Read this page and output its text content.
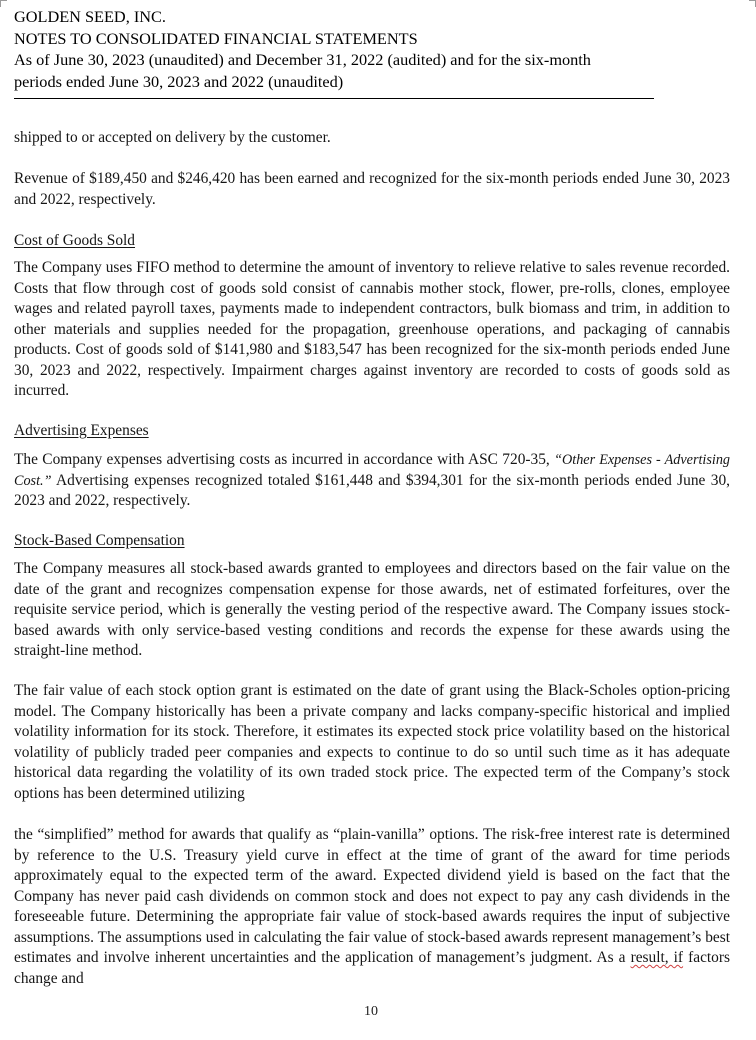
GOLDEN SEED, INC.
NOTES TO CONSOLIDATED FINANCIAL STATEMENTS
As of June 30, 2023 (unaudited) and December 31, 2022 (audited) and for the six-month
periods ended June 30, 2023 and 2022 (unaudited)
shipped to or accepted on delivery by the customer.
Revenue of $189,450 and $246,420 has been earned and recognized for the six-month periods ended June 30, 2023 and 2022, respectively.
Cost of Goods Sold
The Company uses FIFO method to determine the amount of inventory to relieve relative to sales revenue recorded. Costs that flow through cost of goods sold consist of cannabis mother stock, flower, pre-rolls, clones, employee wages and related payroll taxes, payments made to independent contractors, bulk biomass and trim, in addition to other materials and supplies needed for the propagation, greenhouse operations, and packaging of cannabis products. Cost of goods sold of $141,980 and $183,547 has been recognized for the six-month periods ended June 30, 2023 and 2022, respectively. Impairment charges against inventory are recorded to costs of goods sold as incurred.
Advertising Expenses
The Company expenses advertising costs as incurred in accordance with ASC 720-35, “Other Expenses - Advertising Cost.” Advertising expenses recognized totaled $161,448 and $394,301 for the six-month periods ended June 30, 2023 and 2022, respectively.
Stock-Based Compensation
The Company measures all stock-based awards granted to employees and directors based on the fair value on the date of the grant and recognizes compensation expense for those awards, net of estimated forfeitures, over the requisite service period, which is generally the vesting period of the respective award. The Company issues stock-based awards with only service-based vesting conditions and records the expense for these awards using the straight-line method.
The fair value of each stock option grant is estimated on the date of grant using the Black-Scholes option-pricing model. The Company historically has been a private company and lacks company-specific historical and implied volatility information for its stock. Therefore, it estimates its expected stock price volatility based on the historical volatility of publicly traded peer companies and expects to continue to do so until such time as it has adequate historical data regarding the volatility of its own traded stock price. The expected term of the Company’s stock options has been determined utilizing
the “simplified” method for awards that qualify as “plain-vanilla” options. The risk-free interest rate is determined by reference to the U.S. Treasury yield curve in effect at the time of grant of the award for time periods approximately equal to the expected term of the award. Expected dividend yield is based on the fact that the Company has never paid cash dividends on common stock and does not expect to pay any cash dividends in the foreseeable future. Determining the appropriate fair value of stock-based awards requires the input of subjective assumptions. The assumptions used in calculating the fair value of stock-based awards represent management’s best estimates and involve inherent uncertainties and the application of management’s judgment. As a result, if factors change and
10
